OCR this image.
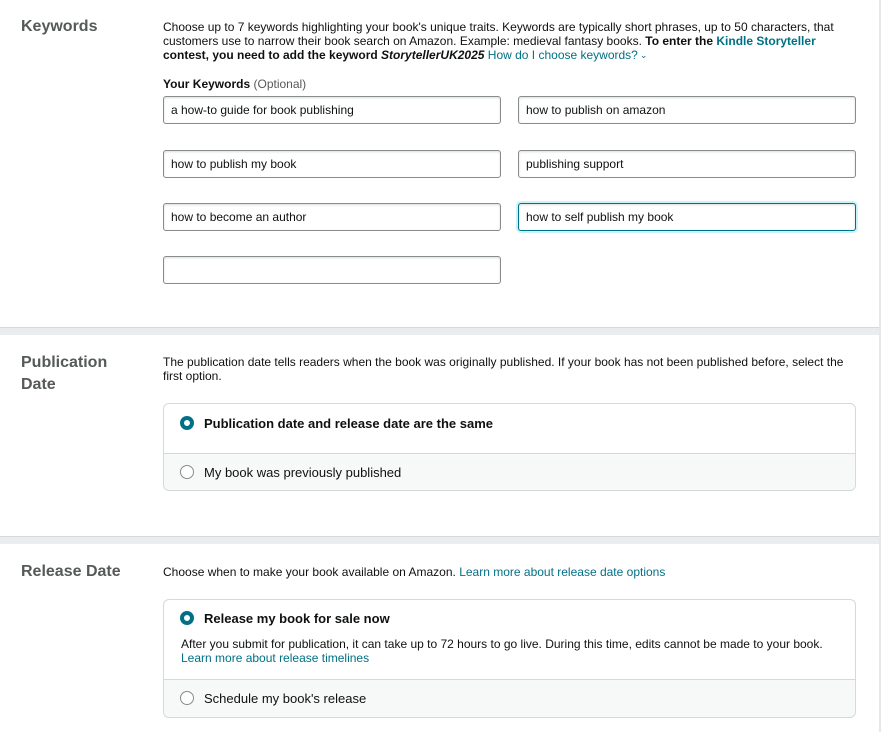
Keywords	Choose up to 7 keywords highlighting your book's unique traits. Keywords are typically short phrases, up to 50 characters, that customers use to narrow their book search on Amazon. Example: medieval fantasy books. To enter the Kindle Storyteller contest, you need to add the keyword StorytellerUK2025 How do I choose keywords? ⌄

Your Keywords (Optional)

a how-to guide for book publishing
how to publish on amazon
how to publish my book
publishing support
how to become an author
how to self publish my book
Publication
Date

The publication date tells readers when the book was originally published. If your book has not been published before, select the first option.

Publication date and release date are the same
My book was previously published
Release Date	Choose when to make your book available on Amazon. Learn more about release date options

Release my book for sale now
After you submit for publication, it can take up to 72 hours to go live. During this time, edits cannot be made to your book.
Learn more about release timelines
Schedule my book's release
